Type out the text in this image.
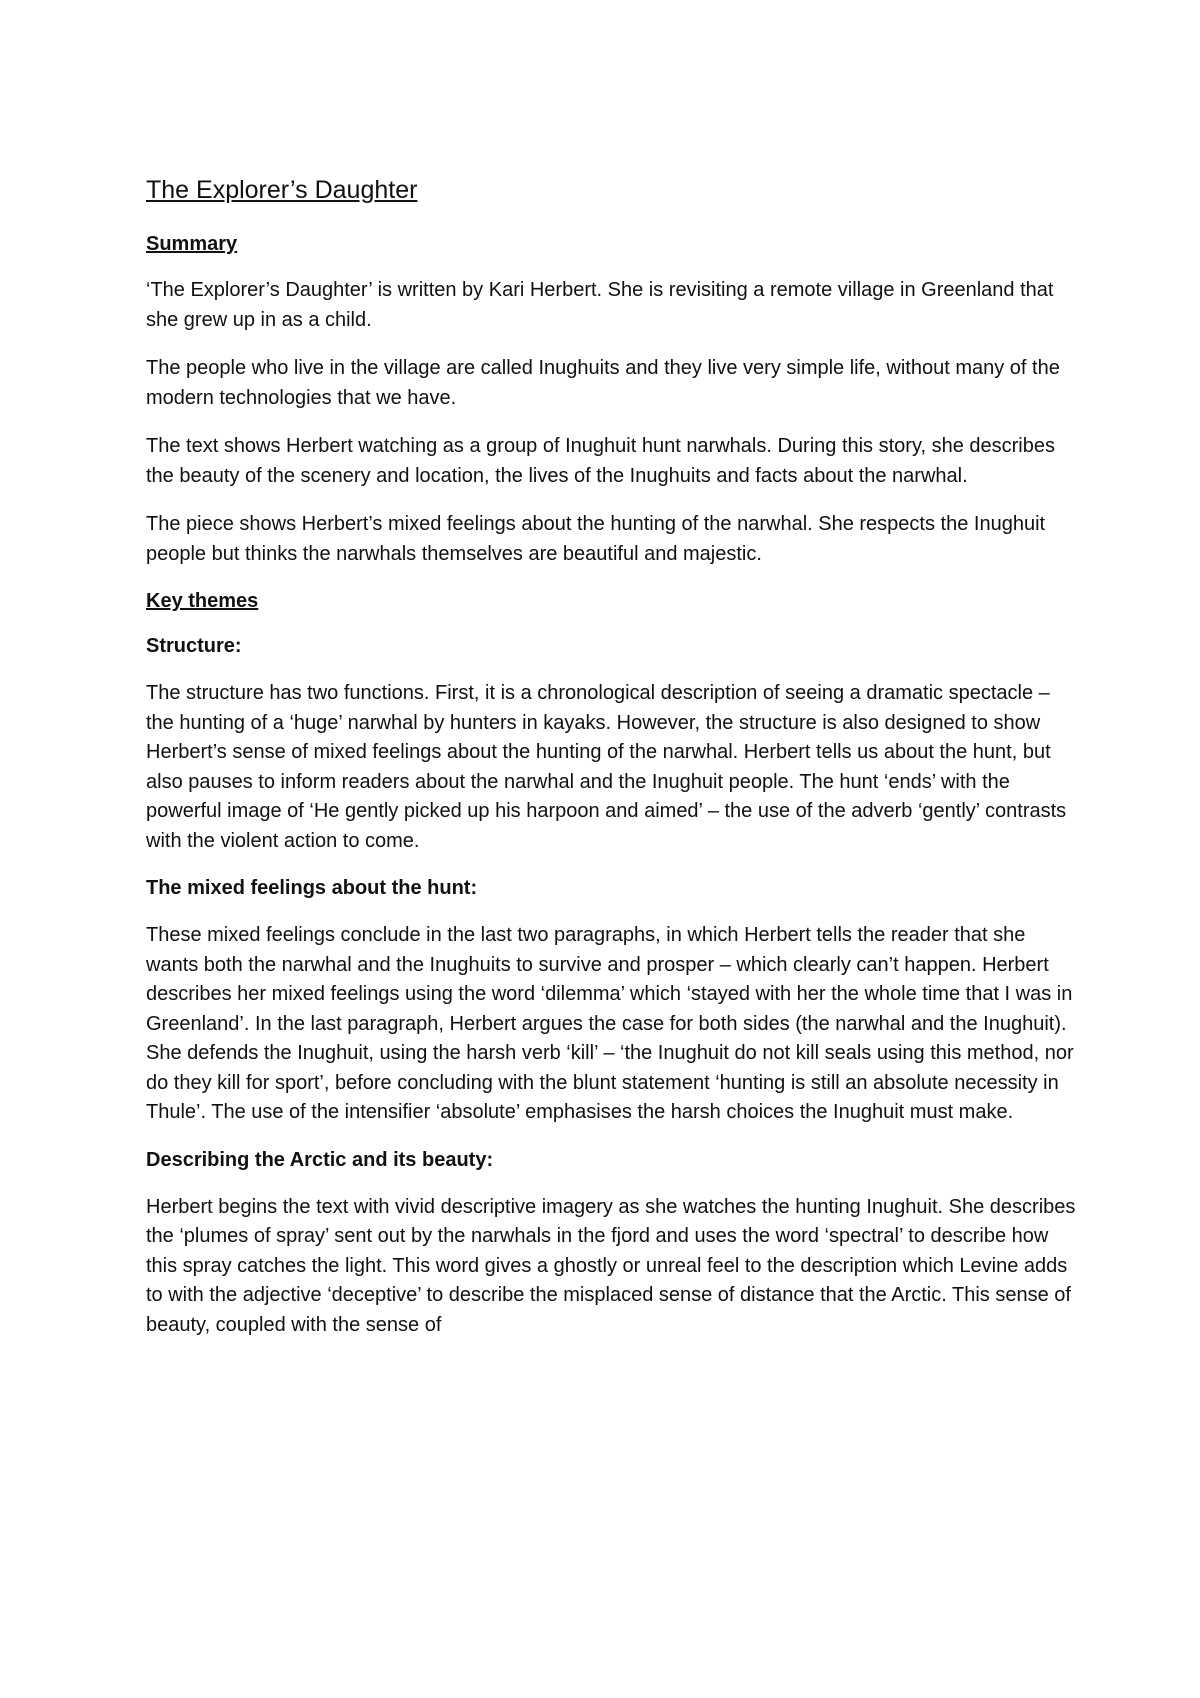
The Explorer’s Daughter
Summary

‘The Explorer’s Daughter’ is written by Kari Herbert. She is revisiting a remote village in Greenland that she grew up in as a child.

The people who live in the village are called Inughuits and they live very simple life, without many of the modern technologies that we have.

The text shows Herbert watching as a group of Inughuit hunt narwhals. During this story, she describes the beauty of the scenery and location, the lives of the Inughuits and facts about the narwhal.

The piece shows Herbert’s mixed feelings about the hunting of the narwhal. She respects the Inughuit people but thinks the narwhals themselves are beautiful and majestic.

Key themes
Structure:

The structure has two functions. First, it is a chronological description of seeing a dramatic spectacle – the hunting of a ‘huge’ narwhal by hunters in kayaks. However, the structure is also designed to show Herbert’s sense of mixed feelings about the hunting of the narwhal. Herbert tells us about the hunt, but also pauses to inform readers about the narwhal and the Inughuit people. The hunt ‘ends’ with the powerful image of ‘He gently picked up his harpoon and aimed’ – the use of the adverb ‘gently’ contrasts with the violent action to come.

The mixed feelings about the hunt:

These mixed feelings conclude in the last two paragraphs, in which Herbert tells the reader that she wants both the narwhal and the Inughuits to survive and prosper – which clearly can’t happen. Herbert describes her mixed feelings using the word ‘dilemma’ which ‘stayed with her the whole time that I was in Greenland’. In the last paragraph, Herbert argues the case for both sides (the narwhal and the Inughuit). She defends the Inughuit, using the harsh verb ‘kill’ – ‘the Inughuit do not kill seals using this method, nor do they kill for sport’, before concluding with the blunt statement ‘hunting is still an absolute necessity in Thule’. The use of the intensifier ‘absolute’ emphasises the harsh choices the Inughuit must make.

Describing the Arctic and its beauty:

Herbert begins the text with vivid descriptive imagery as she watches the hunting Inughuit. She describes the ‘plumes of spray’ sent out by the narwhals in the fjord and uses the word ‘spectral’ to describe how this spray catches the light. This word gives a ghostly or unreal feel to the description which Levine adds to with the adjective ‘deceptive’ to describe the misplaced sense of distance that the Arctic. This sense of beauty, coupled with the sense of
